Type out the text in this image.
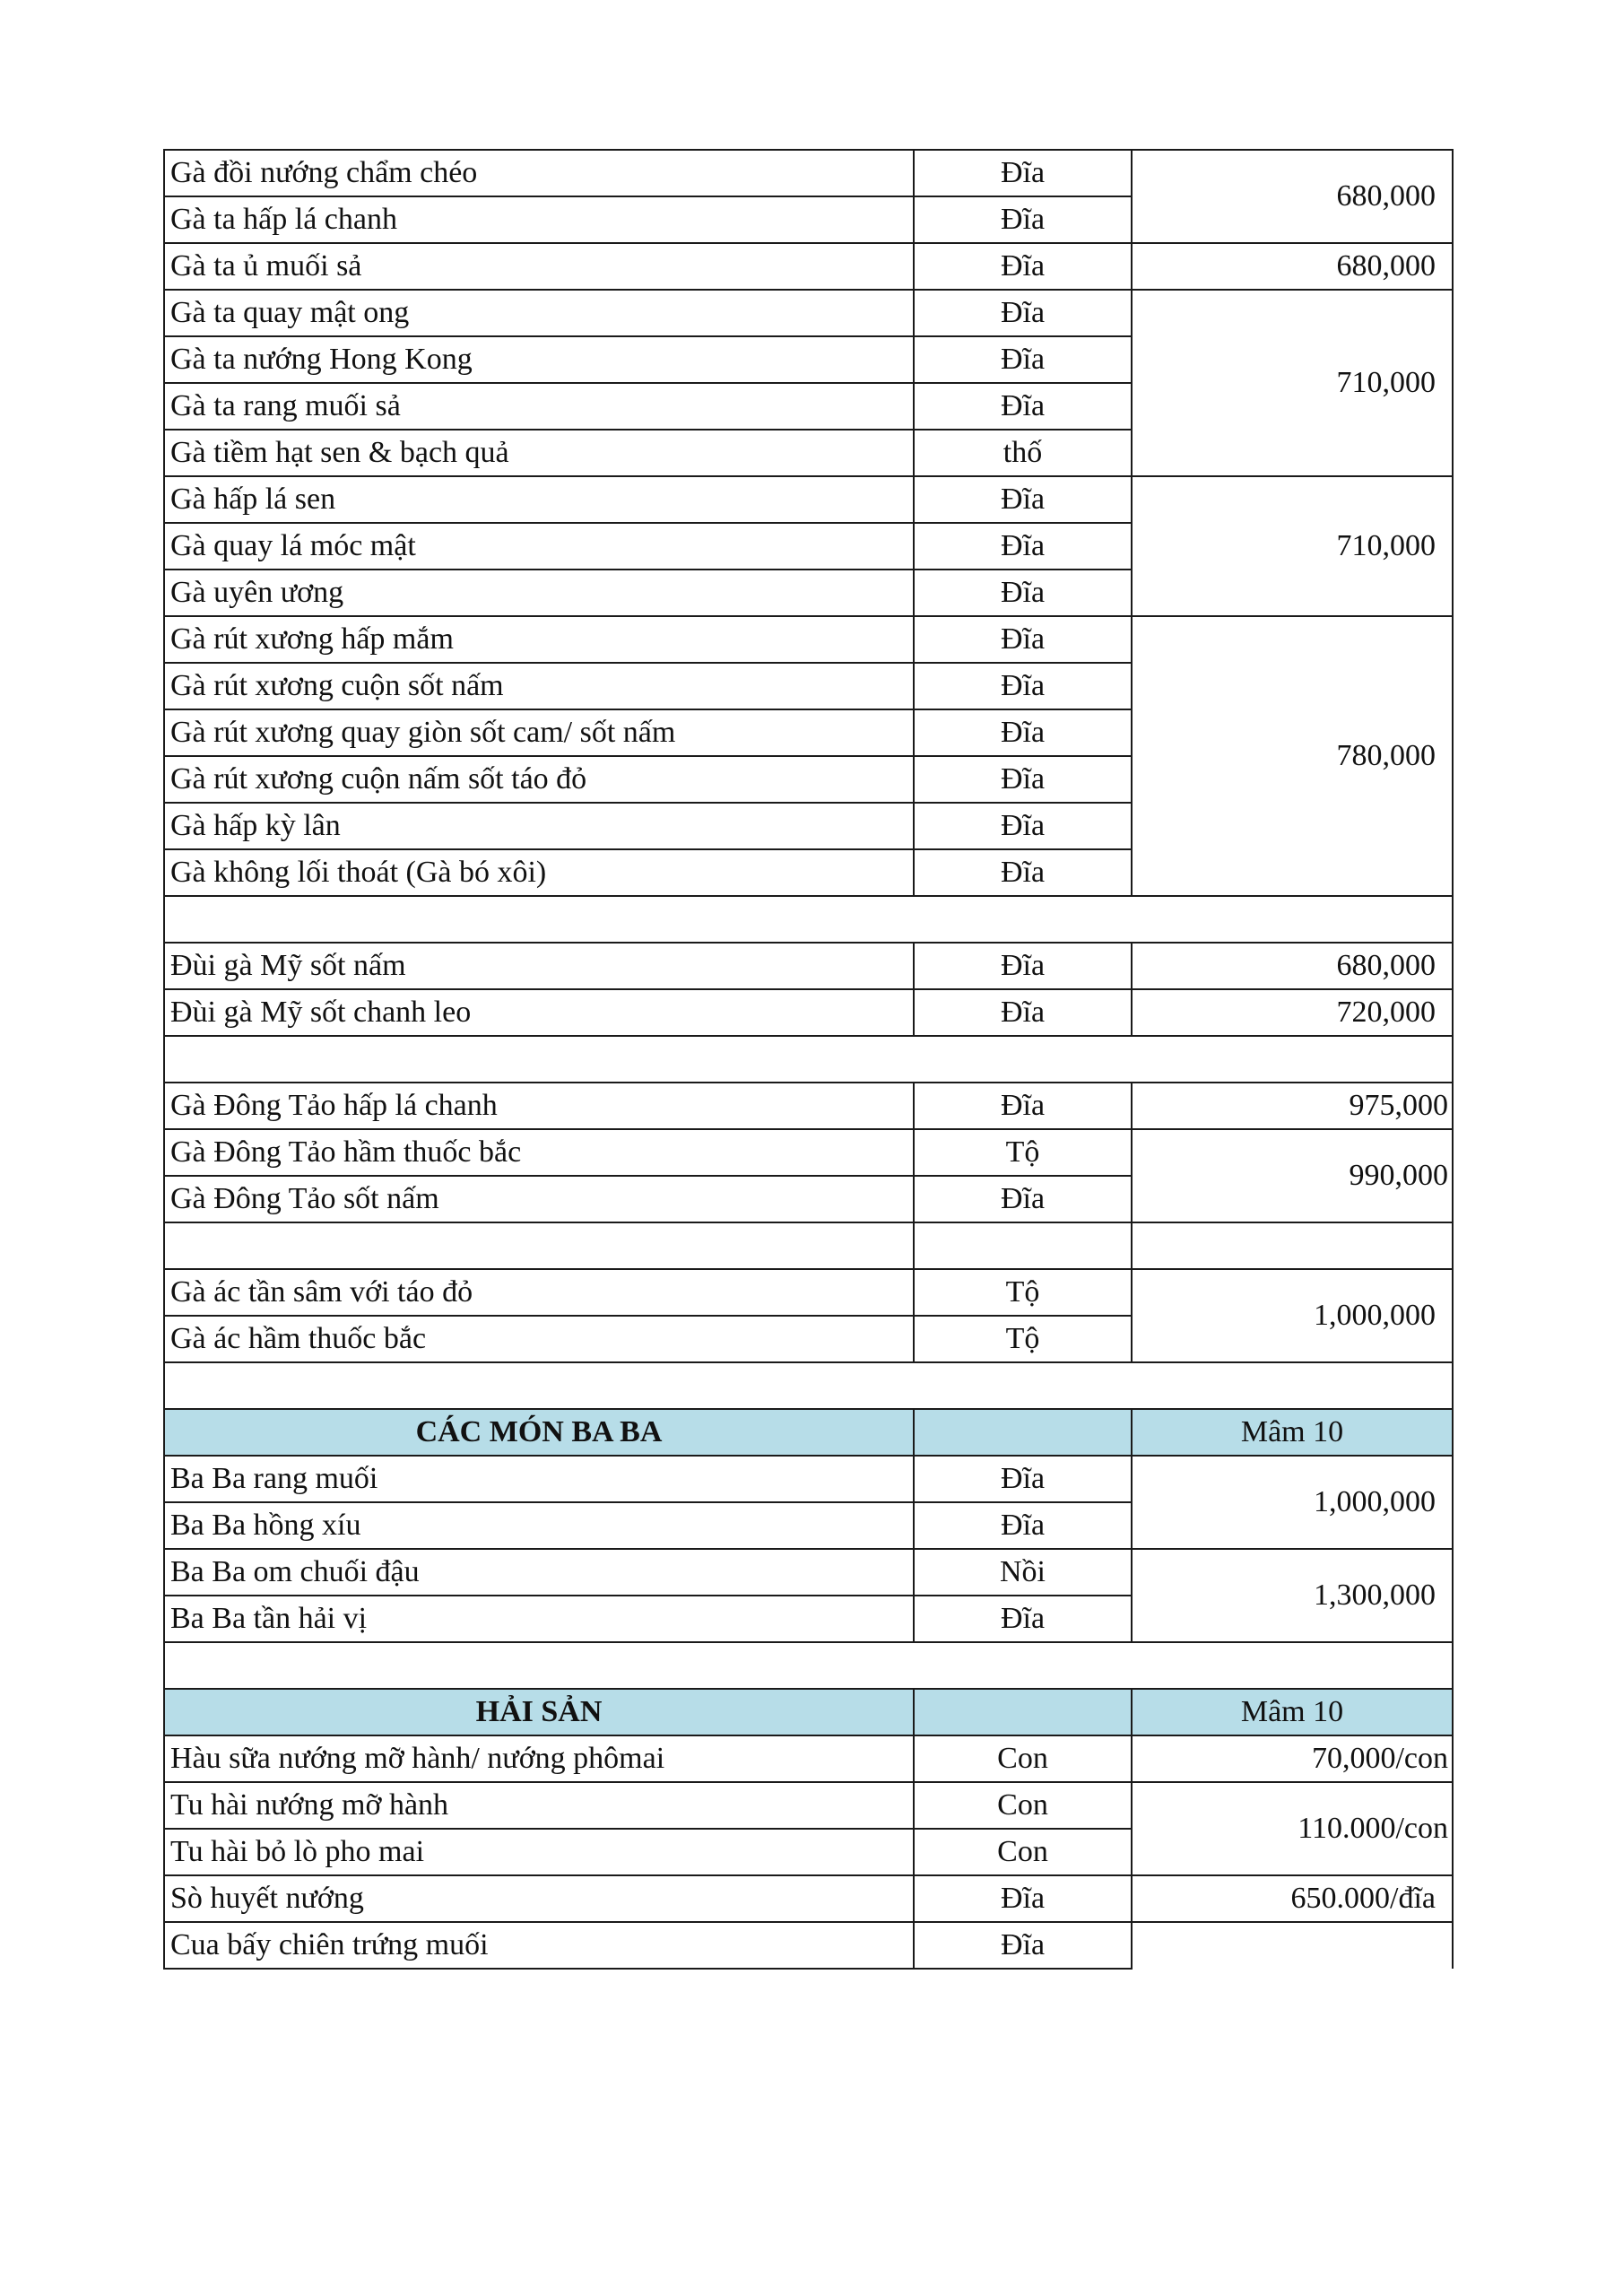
Gà đồi nướng chẩm chéo	Đĩa	680,000
Gà ta hấp lá chanh	Đĩa	
Gà ta ủ muối sả	Đĩa	680,000
Gà ta quay mật ong	Đĩa	710,000
Gà ta nướng Hong Kong	Đĩa	
Gà ta rang muối sả	Đĩa	
Gà tiềm hạt sen & bạch quả	thố	
Gà hấp lá sen	Đĩa	710,000
Gà quay lá móc mật	Đĩa	
Gà uyên ương	Đĩa	
Gà rút xương hấp mắm	Đĩa	780,000
Gà rút xương cuộn sốt nấm	Đĩa	
Gà rút xương quay giòn sốt cam/ sốt nấm	Đĩa	
Gà rút xương cuộn nấm sốt táo đỏ	Đĩa	
Gà hấp kỳ lân	Đĩa	
Gà không lối thoát (Gà bó xôi)	Đĩa	

Đùi gà Mỹ sốt nấm	Đĩa	680,000
Đùi gà Mỹ sốt chanh leo	Đĩa	720,000

Gà Đông Tảo hấp lá chanh	Đĩa	975,000
Gà Đông Tảo hầm thuốc bắc	Tộ	990,000
Gà Đông Tảo sốt nấm	Đĩa	

Gà ác tần sâm với táo đỏ	Tộ	1,000,000
Gà ác hầm thuốc bắc	Tộ	

CÁC MÓN BA BA		Mâm 10
Ba Ba rang muối	Đĩa	1,000,000
Ba Ba hồng xíu	Đĩa	
Ba Ba om chuối đậu	Nồi	1,300,000
Ba Ba tần hải vị	Đĩa	

HẢI SẢN		Mâm 10
Hàu sữa nướng mỡ hành/ nướng phômai	Con	70,000/con
Tu hài nướng mỡ hành	Con	110.000/con
Tu hài bỏ lò pho mai	Con	
Sò huyết nướng	Đĩa	650.000/đĩa
Cua bấy chiên trứng muối	Đĩa	
